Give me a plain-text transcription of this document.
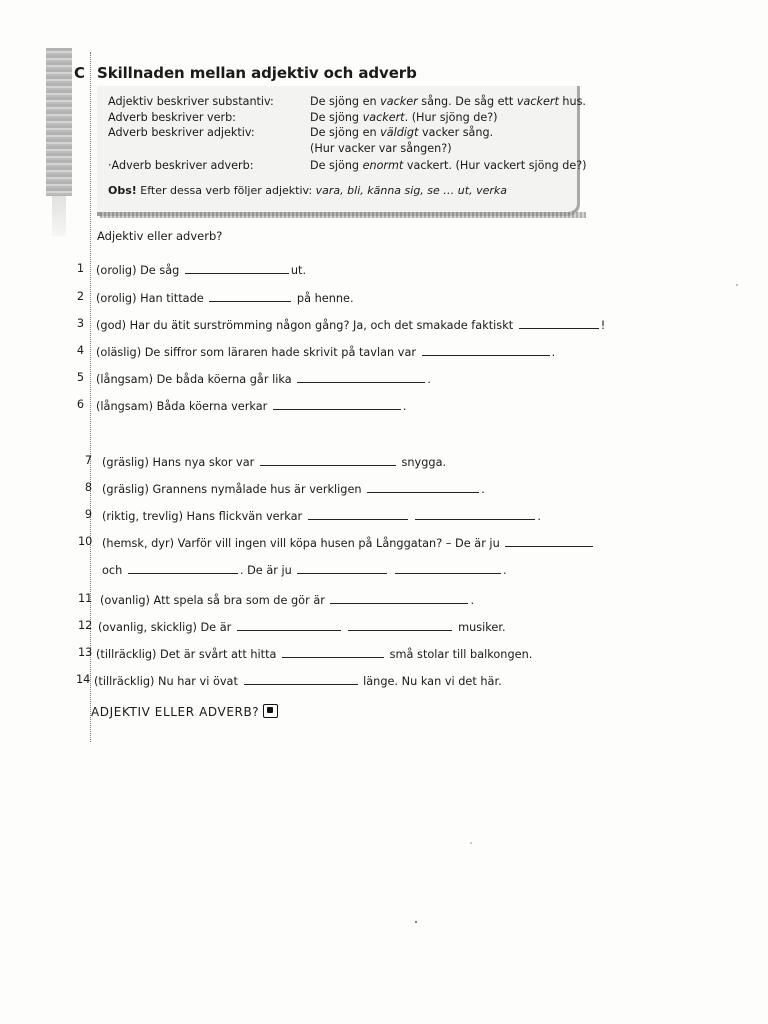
C Skillnaden mellan adjektiv och adverb
Adjektiv beskriver substantiv:	De sjöng en vacker sång. De såg ett vackert hus.
Adverb beskriver verb:	De sjöng vackert. (Hur sjöng de?)
Adverb beskriver adjektiv:	De sjöng en väldigt vacker sång.
(Hur vacker var sången?)
·Adverb beskriver adverb:	De sjöng enormt vackert. (Hur vackert sjöng de?)
Obs! Efter dessa verb följer adjektiv: vara, bli, känna sig, se … ut, verka
Adjektiv eller adverb?
1 (orolig) De såg	ut.
2 (orolig) Han tittade	på henne.
3 (god) Har du ätit surströmming någon gång? Ja, och det smakade faktiskt	!
4 (oläslig) De siffror som läraren hade skrivit på tavlan var	.
5 (långsam) De båda köerna går lika	.
6 (långsam) Båda köerna verkar	.
7 (gräslig) Hans nya skor var	snygga.
8 (gräslig) Grannens nymålade hus är verkligen	.
9 (riktig, trevlig) Hans flickvän verkar	.
10 (hemsk, dyr) Varför vill ingen vill köpa husen på Långgatan? – De är ju
och	. De är ju	.
11 (ovanlig) Att spela så bra som de gör är	.
12 (ovanlig, skicklig) De är	musiker.
13 (tillräcklig) Det är svårt att hitta	små stolar till balkongen.
14 (tillräcklig) Nu har vi övat	länge. Nu kan vi det här.
ADJEKTIV ELLER ADVERB?
